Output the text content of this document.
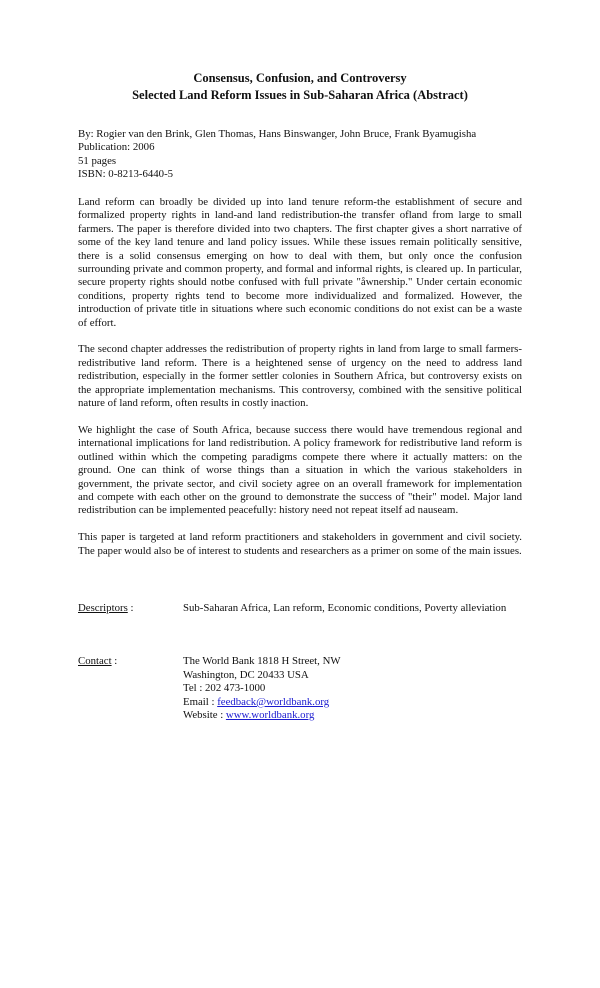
Consensus, Confusion, and Controversy
Selected Land Reform Issues in Sub-Saharan Africa (Abstract)
By: Rogier van den Brink, Glen Thomas, Hans Binswanger, John Bruce, Frank Byamugisha
Publication: 2006
51 pages
ISBN: 0-8213-6440-5

Land reform can broadly be divided up into land tenure reform-the establishment of secure and formalized property rights in land-and land redistribution-the transfer ofland from large to small farmers. The paper is therefore divided into two chapters. The first chapter gives a short narrative of some of the key land tenure and land policy issues. While these issues remain politically sensitive, there is a solid consensus emerging on how to deal with them, but only once the confusion surrounding private and common property, and formal and informal rights, is cleared up. In particular, secure property rights should notbe confused with full private "åwnership." Under certain economic conditions, property rights tend to become more individualized and formalized. However, the introduction of private title in situations where such economic conditions do not exist can be a waste of effort.

The second chapter addresses the redistribution of property rights in land from large to small farmers-redistributive land reform. There is a heightened sense of urgency on the need to address land redistribution, especially in the former settler colonies in Southern Africa, but controversy exists on the appropriate implementation mechanisms. This controversy, combined with the sensitive political nature of land reform, often results in costly inaction.

We highlight the case of South Africa, because success there would have tremendous regional and international implications for land redistribution. A policy framework for redistributive land reform is outlined within which the competing paradigms compete there where it actually matters: on the ground. One can think of worse things than a situation in which the various stakeholders in government, the private sector, and civil society agree on an overall framework for implementation and compete with each other on the ground to demonstrate the success of "their" model. Major land redistribution can be implemented peacefully: history need not repeat itself ad nauseam.

This paper is targeted at land reform practitioners and stakeholders in government and civil society. The paper would also be of interest to students and researchers as a primer on some of the main issues.

Descriptors :	Sub-Saharan Africa, Lan reform, Economic conditions, Poverty alleviation
Contact :	The World Bank 1818 H Street, NW
Washington, DC 20433 USA
Tel : 202 473-1000
Email : feedback@worldbank.org
Website : www.worldbank.org
